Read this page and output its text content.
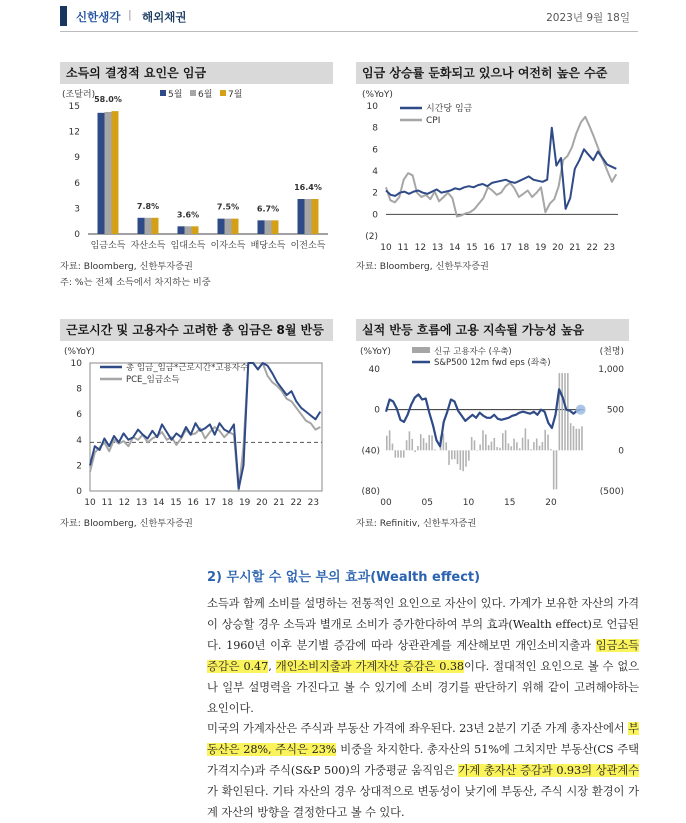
신한생각 | 해외채권	2023년 9월 18일
소득의 결정적 요인은 임금
(조달러)
0
3
6
9
12
15
5월 6월 7월
58.0%
임금소득
7.8%
자산소득
3.6%
임대소득
7.5%
이자소득
6.7%
배당소득
16.4%
이전소득
자료: Bloomberg, 신한투자증권
주: %는 전체 소득에서 차지하는 비중
임금 상승률 둔화되고 있으나 여전히 높은 수준
(%YoY)
(2)
0
2
4
6
8
10
10 11 12 13 14 15 16 17 18 19 20 21 22 23
시간당 임금
CPI
자료: Bloomberg, 신한투자증권
근로시간 및 고용자수 고려한 총 임금은 8월 반등
(%YoY)
0
2
4
6
8
10
10 11 12 13 14 15 16 17 18 19 20 21 22 23
총 임금_임금*근로시간*고용자수
PCE_임금소득
자료: Bloomberg, 신한투자증권
실적 반등 흐름에 고용 지속될 가능성 높음
(%YoY)	(천명)
(80)
(40)
0
40
(500)
0
500
1,000
00	05	10	15	20
신규 고용자수 (우축)
S&P500 12m fwd eps (좌축)
자료: Refinitiv, 신한투자증권
2) 무시할 수 없는 부의 효과(Wealth effect)
소득과 함께 소비를 설명하는 전통적인 요인으로 자산이 있다. 가계가 보유한 자산의 가격이 상승할 경우 소득과 별개로 소비가 증가한다하여 부의 효과(Wealth effect)로 언급된다. 1960년 이후 분기별 증감에 따라 상관관계를 계산해보면 개인소비지출과 임금소득 증감은 0.47, 개인소비지출과 가계자산 증감은 0.38이다. 절대적인 요인으로 볼 수 없으나 일부 설명력을 가진다고 볼 수 있기에 소비 경기를 판단하기 위해 같이 고려해야하는 요인이다.
미국의 가계자산은 주식과 부동산 가격에 좌우된다. 23년 2분기 기준 가계 총자산에서 부동산은 28%, 주식은 23% 비중을 차지한다. 총자산의 51%에 그치지만 부동산(CS 주택가격지수)과 주식(S&P 500)의 가중평균 움직임은 가계 총자산 증감과 0.93의 상관계수가 확인된다. 기타 자산의 경우 상대적으로 변동성이 낮기에 부동산, 주식 시장 환경이 가계 자산의 방향을 결정한다고 볼 수 있다.
